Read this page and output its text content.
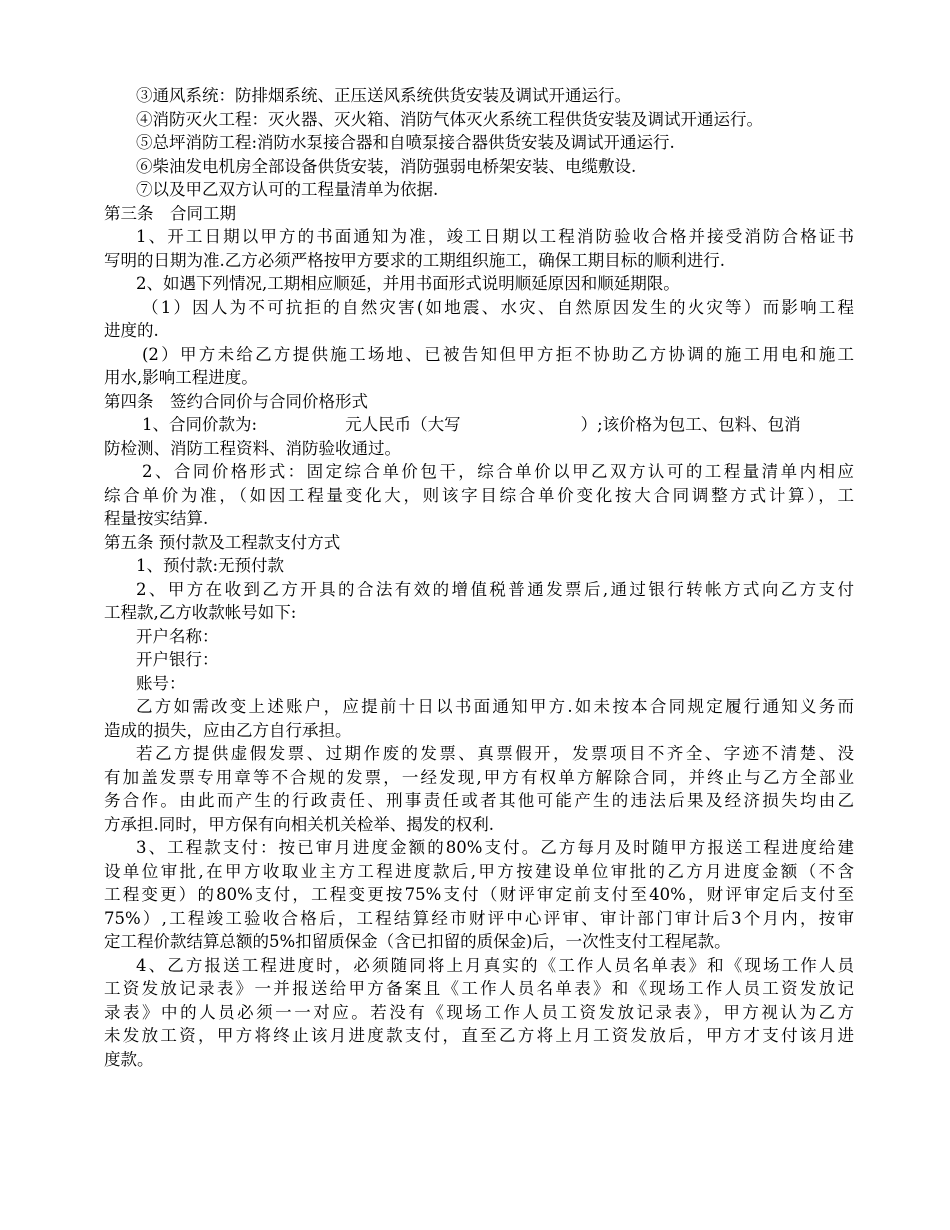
③通风系统：防排烟系统、正压送风系统供货安装及调试开通运行。
④消防灭火工程：灭火器、灭火箱、消防气体灭火系统工程供货安装及调试开通运行。
⑤总坪消防工程:消防水泵接合器和自喷泵接合器供货安装及调试开通运行.
⑥柴油发电机房全部设备供货安装，消防强弱电桥架安装、电缆敷设.
⑦以及甲乙双方认可的工程量清单为依据.
第三条　合同工期
1、开工日期以甲方的书面通知为准，竣工日期以工程消防验收合格并接受消防合格证书
写明的日期为准.乙方必须严格按甲方要求的工期组织施工，确保工期目标的顺利进行.
2、如遇下列情况,工期相应顺延，并用书面形式说明顺延原因和顺延期限。
（1）因人为不可抗拒的自然灾害(如地震、水灾、自然原因发生的火灾等）而影响工程
进度的.
(2）甲方未给乙方提供施工场地、已被告知但甲方拒不协助乙方协调的施工用电和施工
用水,影响工程进度。
第四条　签约合同价与合同价格形式
1、合同价款为:	元人民币（大写	）;该价格为包工、包料、包消
防检测、消防工程资料、消防验收通过。
2、合同价格形式：固定综合单价包干，综合单价以甲乙双方认可的工程量清单内相应
综合单价为准，（如因工程量变化大，则该字目综合单价变化按大合同调整方式计算），工
程量按实结算.
第五条 预付款及工程款支付方式
1、预付款:无预付款
2、甲方在收到乙方开具的合法有效的增值税普通发票后,通过银行转帐方式向乙方支付
工程款,乙方收款帐号如下:
开户名称：
开户银行：
账号：
乙方如需改变上述账户，应提前十日以书面通知甲方.如未按本合同规定履行通知义务而
造成的损失，应由乙方自行承担。
若乙方提供虚假发票、过期作废的发票、真票假开，发票项目不齐全、字迹不清楚、没
有加盖发票专用章等不合规的发票，一经发现,甲方有权单方解除合同，并终止与乙方全部业
务合作。由此而产生的行政责任、刑事责任或者其他可能产生的违法后果及经济损失均由乙
方承担.同时，甲方保有向相关机关检举、揭发的权利.
3、工程款支付：按已审月进度金额的80%支付。乙方每月及时随甲方报送工程进度给建
设单位审批,在甲方收取业主方工程进度款后,甲方按建设单位审批的乙方月进度金额（不含
工程变更）的80%支付，工程变更按75%支付（财评审定前支付至40%，财评审定后支付至
75%）,工程竣工验收合格后，工程结算经市财评中心评审、审计部门审计后3个月内，按审
定工程价款结算总额的5%扣留质保金（含已扣留的质保金)后，一次性支付工程尾款。
4、乙方报送工程进度时，必须随同将上月真实的《工作人员名单表》和《现场工作人员
工资发放记录表》一并报送给甲方备案且《工作人员名单表》和《现场工作人员工资发放记
录表》中的人员必须一一对应。若没有《现场工作人员工资发放记录表》，甲方视认为乙方
未发放工资，甲方将终止该月进度款支付，直至乙方将上月工资发放后，甲方才支付该月进
度款。
